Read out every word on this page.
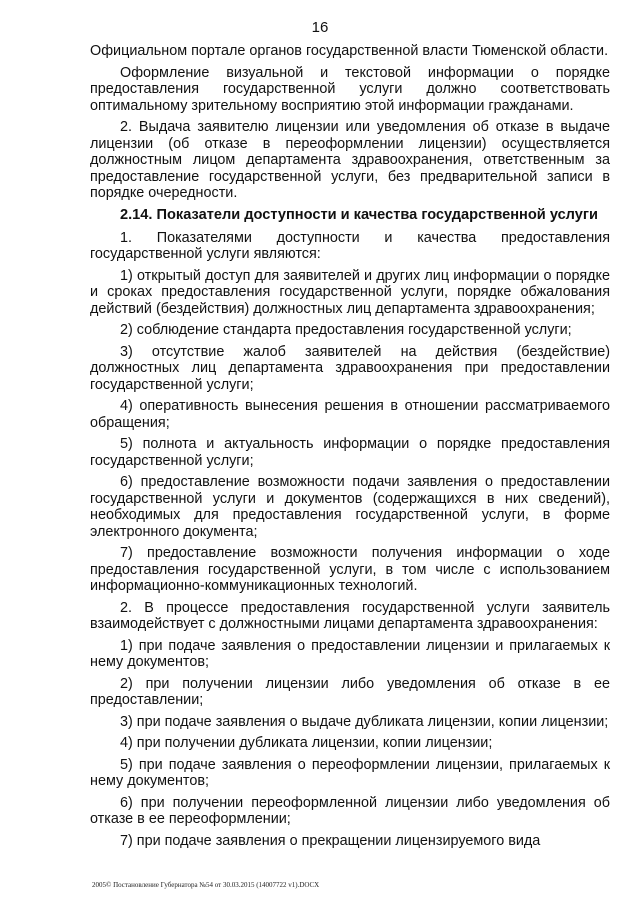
16

Официальном портале органов государственной власти Тюменской области.

Оформление визуальной и текстовой информации о порядке предоставления государственной услуги должно соответствовать оптимальному зрительному восприятию этой информации гражданами.

2. Выдача заявителю лицензии или уведомления об отказе в выдаче лицензии (об отказе в переоформлении лицензии) осуществляется должностным лицом департамента здравоохранения, ответственным за предоставление государственной услуги, без предварительной записи в порядке очередности.

2.14. Показатели доступности и качества государственной услуги

1. Показателями доступности и качества предоставления государственной услуги являются:

1) открытый доступ для заявителей и других лиц информации о порядке и сроках предоставления государственной услуги, порядке обжалования действий (бездействия) должностных лиц департамента здравоохранения;

2) соблюдение стандарта предоставления государственной услуги;

3) отсутствие жалоб заявителей на действия (бездействие) должностных лиц департамента здравоохранения при предоставлении государственной услуги;

4) оперативность вынесения решения в отношении рассматриваемого обращения;

5) полнота и актуальность информации о порядке предоставления государственной услуги;

6) предоставление возможности подачи заявления о предоставлении государственной услуги и документов (содержащихся в них сведений), необходимых для предоставления государственной услуги, в форме электронного документа;

7) предоставление возможности получения информации о ходе предоставления государственной услуги, в том числе с использованием информационно-коммуникационных технологий.

2. В процессе предоставления государственной услуги заявитель взаимодействует с должностными лицами департамента здравоохранения:

1) при подаче заявления о предоставлении лицензии и прилагаемых к нему документов;

2) при получении лицензии либо уведомления об отказе в ее предоставлении;

3) при подаче заявления о выдаче дубликата лицензии, копии лицензии;

4) при получении дубликата лицензии, копии лицензии;

5) при подаче заявления о переоформлении лицензии, прилагаемых к нему документов;

6) при получении переоформленной лицензии либо уведомления об отказе в ее переоформлении;

7) при подаче заявления о прекращении лицензируемого вида

2005© Постановление Губернатора №54 от 30.03.2015 (14007722 v1).DOCX
